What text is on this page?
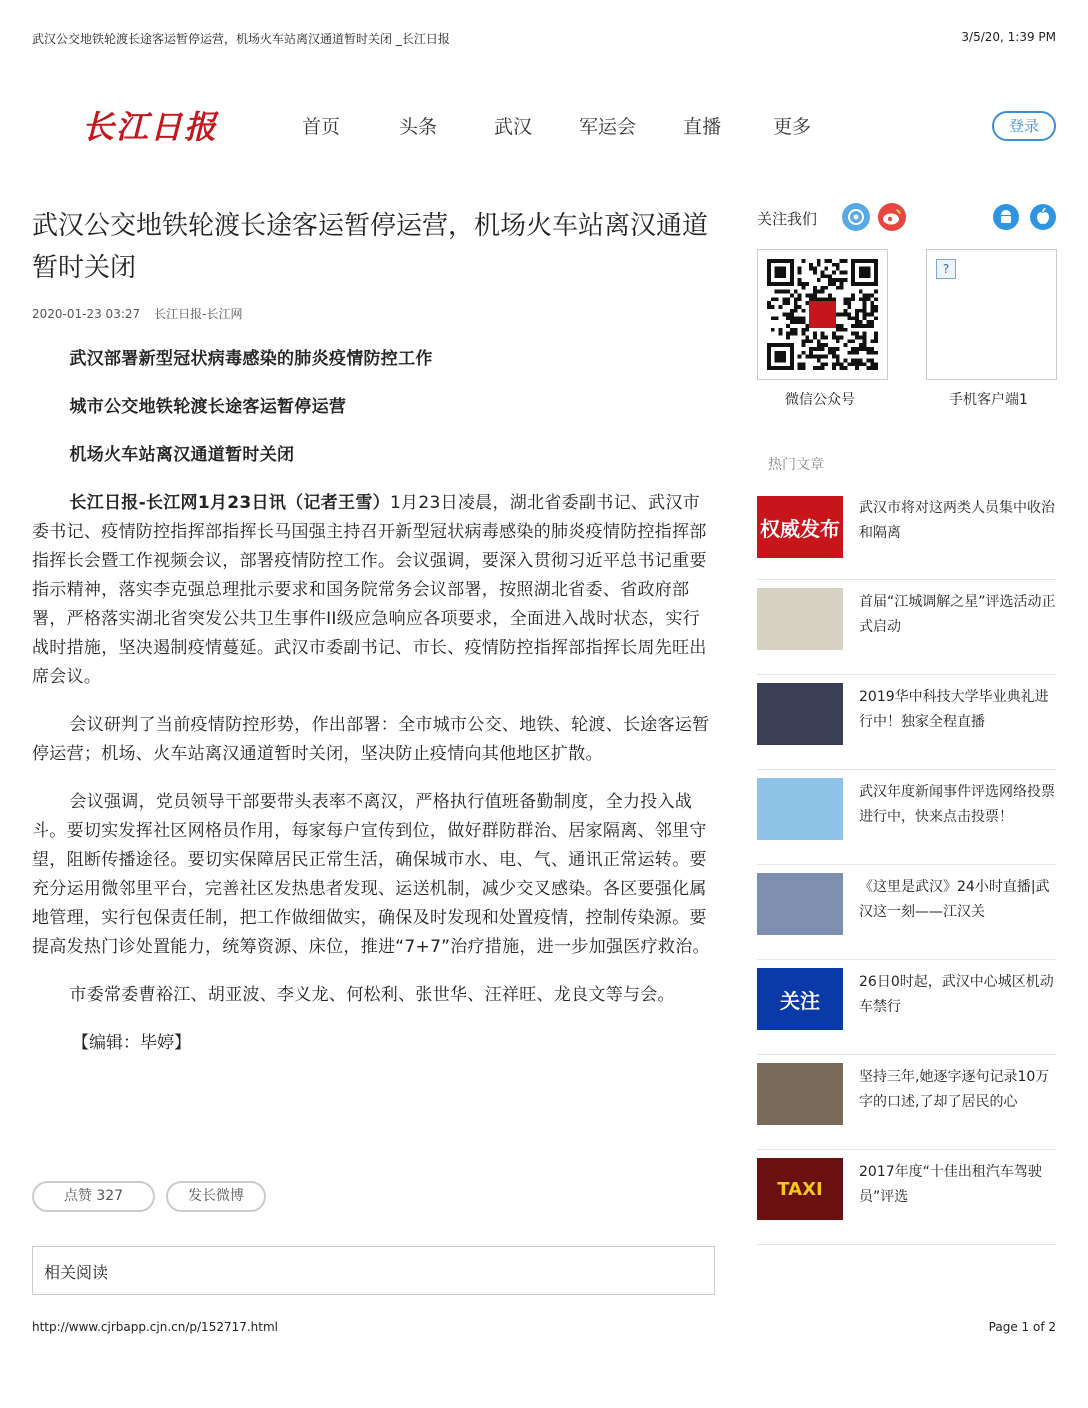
武汉公交地铁轮渡长途客运暂停运营，机场火车站离汉通道暂时关闭 _长江日报	3/5/20, 1:39 PM
长江日报	首页	头条	武汉 军运会 直播	更多	登录
武汉公交地铁轮渡长途客运暂停运营，机场火车站离汉通道暂时关闭
2020-01-23 03:27 长江日报-长江网

武汉部署新型冠状病毒感染的肺炎疫情防控工作

城市公交地铁轮渡长途客运暂停运营

机场火车站离汉通道暂时关闭

长江日报-长江网1月23日讯（记者王雪）1月23日凌晨，湖北省委副书记、武汉市委书记、疫情防控指挥部指挥长马国强主持召开新型冠状病毒感染的肺炎疫情防控指挥部指挥长会暨工作视频会议，部署疫情防控工作。会议强调，要深入贯彻习近平总书记重要指示精神，落实李克强总理批示要求和国务院常务会议部署，按照湖北省委、省政府部署，严格落实湖北省突发公共卫生事件II级应急响应各项要求，全面进入战时状态，实行战时措施，坚决遏制疫情蔓延。武汉市委副书记、市长、疫情防控指挥部指挥长周先旺出席会议。

会议研判了当前疫情防控形势，作出部署：全市城市公交、地铁、轮渡、长途客运暂停运营；机场、火车站离汉通道暂时关闭，坚决防止疫情向其他地区扩散。

会议强调，党员领导干部要带头表率不离汉，严格执行值班备勤制度，全力投入战斗。要切实发挥社区网格员作用，每家每户宣传到位，做好群防群治、居家隔离、邻里守望，阻断传播途径。要切实保障居民正常生活，确保城市水、电、气、通讯正常运转。要充分运用微邻里平台，完善社区发热患者发现、运送机制，减少交叉感染。各区要强化属地管理，实行包保责任制，把工作做细做实，确保及时发现和处置疫情，控制传染源。要提高发热门诊处置能力，统筹资源、床位，推进“7+7”治疗措施，进一步加强医疗救治。

市委常委曹裕江、胡亚波、李义龙、何松利、张世华、汪祥旺、龙良文等与会。

【编辑：毕婷】

点赞 327	发长微博
相关阅读
关注我们
?
微信公众号	手机客户端1
热门文章
权威发布
武汉市将对这两类人员集中收治和隔离
首届“江城调解之星”评选活动正式启动
2019华中科技大学毕业典礼进行中！独家全程直播
武汉年度新闻事件评选网络投票进行中，快来点击投票！
《这里是武汉》24小时直播|武汉这一刻——江汉关
关注
26日0时起，武汉中心城区机动车禁行
坚持三年,她逐字逐句记录10万字的口述,了却了居民的心
TAXI
2017年度“十佳出租汽车驾驶员”评选
http://www.cjrbapp.cjn.cn/p/152717.html	Page 1 of 2
